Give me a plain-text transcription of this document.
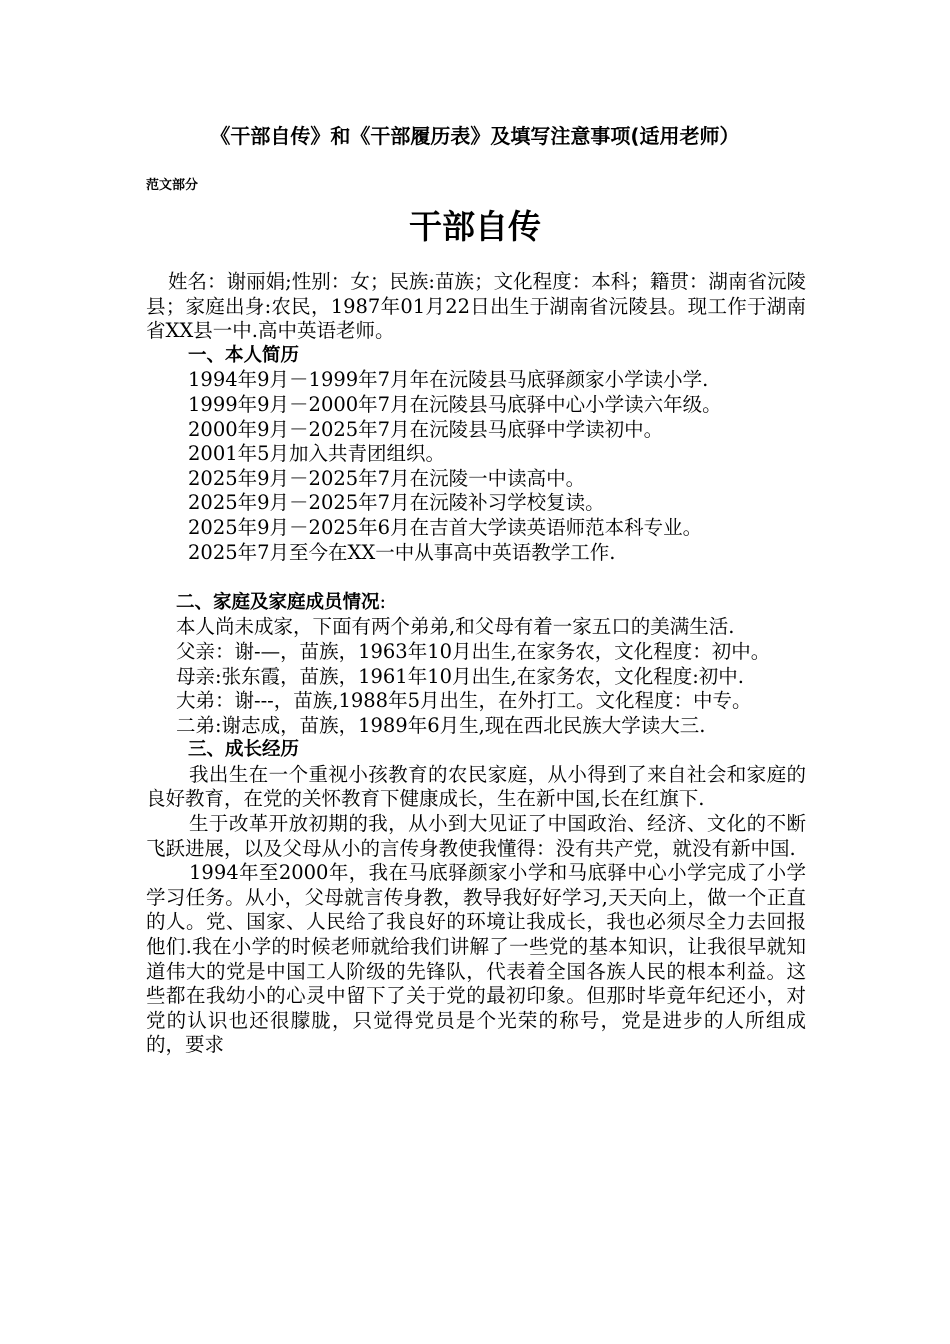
《干部自传》和《干部履历表》及填写注意事项(适用老师）
范文部分
干部自传

姓名：谢丽娟;性别：女；民族:苗族；文化程度：本科；籍贯：湖南省沅陵县；家庭出身:农民，1987年01月22日出生于湖南省沅陵县。现工作于湖南省XX县一中.高中英语老师。

一、本人简历

1994年9月－1999年7月年在沅陵县马底驿颜家小学读小学.

1999年9月－2000年7月在沅陵县马底驿中心小学读六年级。

2000年9月－2025年7月在沅陵县马底驿中学读初中。

2001年5月加入共青团组织。

2025年9月－2025年7月在沅陵一中读高中。

2025年9月－2025年7月在沅陵补习学校复读。

2025年9月－2025年6月在吉首大学读英语师范本科专业。

2025年7月至今在XX一中从事高中英语教学工作.

二、家庭及家庭成员情况:

本人尚未成家，下面有两个弟弟,和父母有着一家五口的美满生活.

父亲：谢-—，苗族，1963年10月出生,在家务农，文化程度：初中。

母亲:张东霞，苗族，1961年10月出生,在家务农，文化程度:初中.

大弟：谢---，苗族,1988年5月出生，在外打工。文化程度：中专。

二弟:谢志成，苗族，1989年6月生,现在西北民族大学读大三.

三、成长经历

我出生在一个重视小孩教育的农民家庭，从小得到了来自社会和家庭的良好教育，在党的关怀教育下健康成长，生在新中国,长在红旗下.

生于改革开放初期的我，从小到大见证了中国政治、经济、文化的不断飞跃进展，以及父母从小的言传身教使我懂得：没有共产党，就没有新中国.

1994年至2000年，我在马底驿颜家小学和马底驿中心小学完成了小学学习任务。从小，父母就言传身教，教导我好好学习,天天向上，做一个正直的人。党、国家、人民给了我良好的环境让我成长，我也必须尽全力去回报他们.我在小学的时候老师就给我们讲解了一些党的基本知识，让我很早就知道伟大的党是中国工人阶级的先锋队，代表着全国各族人民的根本利益。这些都在我幼小的心灵中留下了关于党的最初印象。但那时毕竟年纪还小，对党的认识也还很朦胧，只觉得党员是个光荣的称号，党是进步的人所组成的，要求
